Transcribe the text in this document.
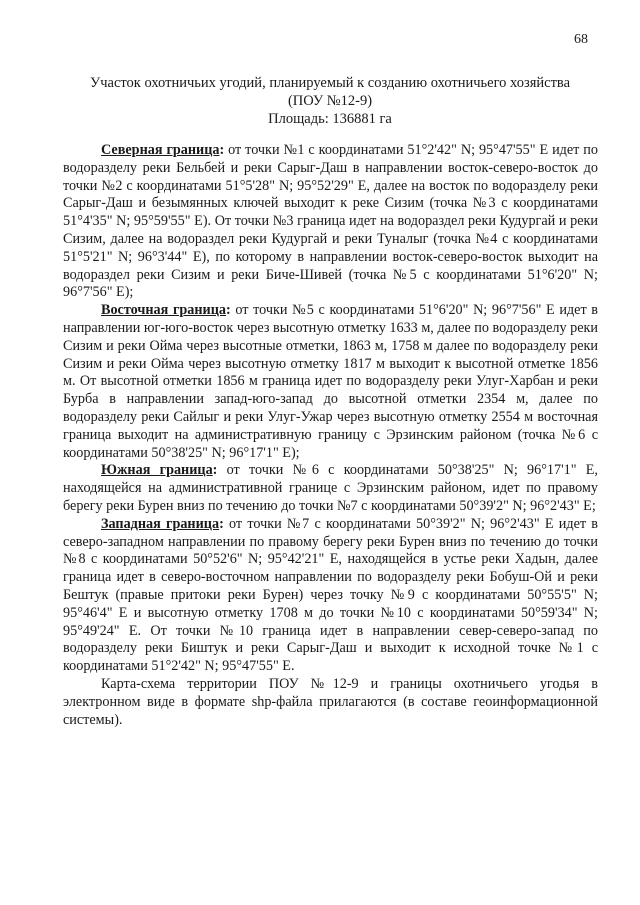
68
Участок охотничьих угодий, планируемый к созданию охотничьего хозяйства
(ПОУ №12-9)
Площадь: 136881 га

Северная граница: от точки №1 с координатами 51°2'42" N; 95°47'55" E идет по водоразделу реки Бельбей и реки Сарыг-Даш в направлении восток-северо-восток до точки №2 с координатами 51°5'28" N; 95°52'29" E, далее на восток по водоразделу реки Сарыг-Даш и безымянных ключей выходит к реке Сизим (точка №3 с координатами 51°4'35" N; 95°59'55" E). От точки №3 граница идет на водораздел реки Кудургай и реки Сизим, далее на водораздел реки Кудургай и реки Туналыг (точка №4 с координатами 51°5'21" N; 96°3'44" E), по которому в направлении восток-северо-восток выходит на водораздел реки Сизим и реки Биче-Шивей (точка №5 с координатами 51°6'20" N; 96°7'56" E);

Восточная граница: от точки №5 с координатами 51°6'20" N; 96°7'56" E идет в направлении юг-юго-восток через высотную отметку 1633 м, далее по водоразделу реки Сизим и реки Ойма через высотные отметки, 1863 м, 1758 м далее по водоразделу реки Сизим и реки Ойма через высотную отметку 1817 м выходит к высотной отметке 1856 м. От высотной отметки 1856 м граница идет по водоразделу реки Улуг-Харбан и реки Бурба в направлении запад-юго-запад до высотной отметки 2354 м, далее по водоразделу реки Сайлыг и реки Улуг-Ужар через высотную отметку 2554 м восточная граница выходит на административную границу с Эрзинским районом (точка №6 с координатами 50°38'25" N; 96°17'1" E);

Южная граница: от точки №6 с координатами 50°38'25" N; 96°17'1" E, находящейся на административной границе с Эрзинским районом, идет по правому берегу реки Бурен вниз по течению до точки №7 с координатами 50°39'2" N; 96°2'43" E;

Западная граница: от точки №7 с координатами 50°39'2" N; 96°2'43" E идет в северо-западном направлении по правому берегу реки Бурен вниз по течению до точки №8 с координатами 50°52'6" N; 95°42'21" E, находящейся в устье реки Хадын, далее граница идет в северо-восточном направлении по водоразделу реки Бобуш-Ой и реки Бештук (правые притоки реки Бурен) через точку №9 с координатами 50°55'5" N; 95°46'4" E и высотную отметку 1708 м до точки №10 с координатами 50°59'34" N; 95°49'24" E. От точки №10 граница идет в направлении север-северо-запад по водоразделу реки Биштук и реки Сарыг-Даш и выходит к исходной точке №1 с координатами 51°2'42" N; 95°47'55" E.

Карта-схема территории ПОУ №12-9 и границы охотничьего угодья в электронном виде в формате shp-файла прилагаются (в составе геоинформационной системы).
